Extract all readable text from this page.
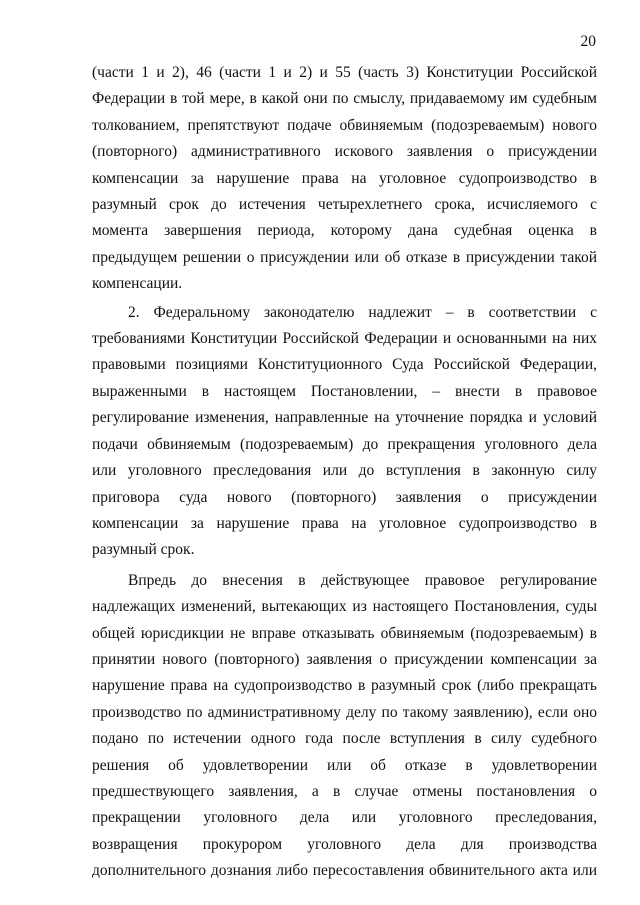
20
(части 1 и 2), 46 (части 1 и 2) и 55 (часть 3) Конституции Российской
Федерации в той мере, в какой они по смыслу, придаваемому им судебным
толкованием, препятствуют подаче обвиняемым (подозреваемым) нового
(повторного) административного искового заявления о присуждении
компенсации за нарушение права на уголовное судопроизводство в
разумный срок до истечения четырехлетнего срока, исчисляемого с
момента завершения периода, которому дана судебная оценка в
предыдущем решении о присуждении или об отказе в присуждении такой
компенсации.
2. Федеральному законодателю надлежит – в соответствии с
требованиями Конституции Российской Федерации и основанными на них
правовыми позициями Конституционного Суда Российской Федерации,
выраженными в настоящем Постановлении, – внести в правовое
регулирование изменения, направленные на уточнение порядка и условий
подачи обвиняемым (подозреваемым) до прекращения уголовного дела
или уголовного преследования или до вступления в законную силу
приговора суда нового (повторного) заявления о присуждении
компенсации за нарушение права на уголовное судопроизводство в
разумный срок.
Впредь до внесения в действующее правовое регулирование
надлежащих изменений, вытекающих из настоящего Постановления, суды
общей юрисдикции не вправе отказывать обвиняемым (подозреваемым) в
принятии нового (повторного) заявления о присуждении компенсации за
нарушение права на судопроизводство в разумный срок (либо прекращать
производство по административному делу по такому заявлению), если оно
подано по истечении одного года после вступления в силу судебного
решения об удовлетворении или об отказе в удовлетворении
предшествующего заявления, а в случае отмены постановления о
прекращении уголовного дела или уголовного преследования,
возвращения прокурором уголовного дела для производства
дополнительного дознания либо пересоставления обвинительного акта или
